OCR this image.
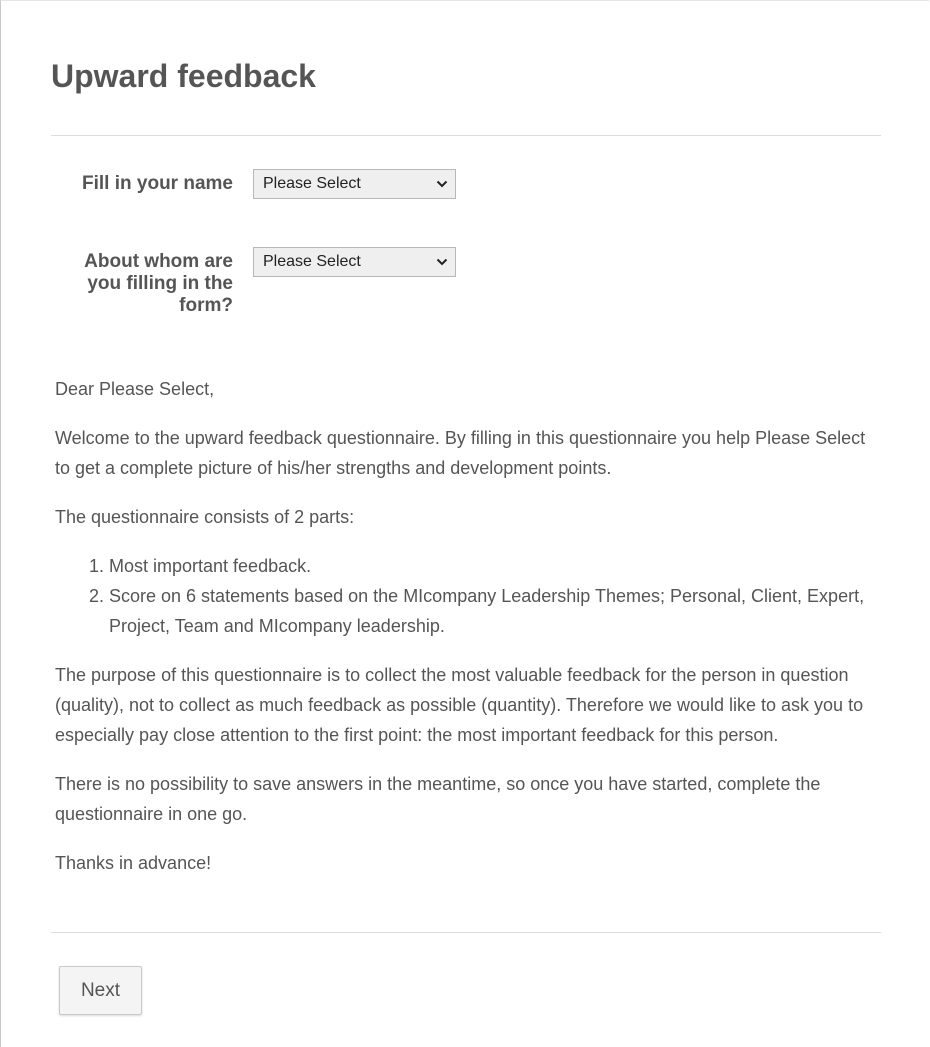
Upward feedback
Fill in your name Please Select
About whom are you filling in the form?
Please Select

Dear Please Select,

Welcome to the upward feedback questionnaire. By filling in this questionnaire you help Please Select to get a complete picture of his/her strengths and development points.

The questionnaire consists of 2 parts:

1. Most important feedback.
2. Score on 6 statements based on the MIcompany Leadership Themes; Personal, Client, Expert, Project, Team and MIcompany leadership.

The purpose of this questionnaire is to collect the most valuable feedback for the person in question (quality), not to collect as much feedback as possible (quantity). Therefore we would like to ask you to especially pay close attention to the first point: the most important feedback for this person.

There is no possibility to save answers in the meantime, so once you have started, complete the questionnaire in one go.

Thanks in advance!

Next
